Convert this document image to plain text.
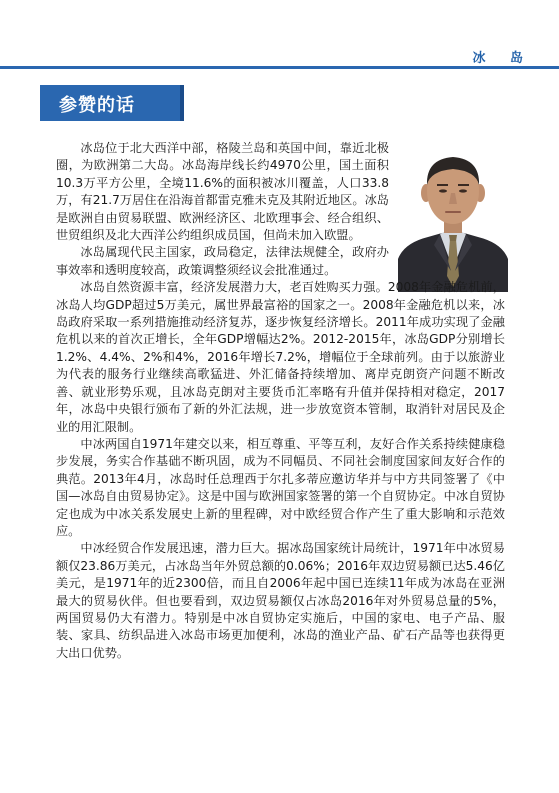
冰 岛
参赞的话

冰岛位于北大西洋中部，格陵兰岛和英国中间，靠近北极圈，为欧洲第二大岛。冰岛海岸线长约4970公里，国土面积10.3万平方公里，全境11.6%的面积被冰川覆盖，人口33.8万，有21.7万居住在沿海首都雷克雅未克及其附近地区。冰岛是欧洲自由贸易联盟、欧洲经济区、北欧理事会、经合组织、世贸组织及北大西洋公约组织成员国，但尚未加入欧盟。

冰岛属现代民主国家，政局稳定，法律法规健全，政府办事效率和透明度较高，政策调整须经议会批准通过。

冰岛自然资源丰富，经济发展潜力大，老百姓购买力强。2008年金融危机前，冰岛人均GDP超过5万美元，属世界最富裕的国家之一。2008年金融危机以来，冰岛政府采取一系列措施推动经济复苏，逐步恢复经济增长。2011年成功实现了金融危机以来的首次正增长，全年GDP增幅达2%。2012-2015年，冰岛GDP分别增长1.2%、4.4%、2%和4%，2016年增长7.2%，增幅位于全球前列。由于以旅游业为代表的服务行业继续高歌猛进、外汇储备持续增加、离岸克朗资产问题不断改善、就业形势乐观，且冰岛克朗对主要货币汇率略有升值并保持相对稳定，2017年，冰岛中央银行颁布了新的外汇法规，进一步放宽资本管制，取消针对居民及企业的用汇限制。

中冰两国自1971年建交以来，相互尊重、平等互利，友好合作关系持续健康稳步发展，务实合作基础不断巩固，成为不同幅员、不同社会制度国家间友好合作的典范。2013年4月，冰岛时任总理西于尔扎多蒂应邀访华并与中方共同签署了《中国—冰岛自由贸易协定》。这是中国与欧洲国家签署的第一个自贸协定。中冰自贸协定也成为中冰关系发展史上新的里程碑，对中欧经贸合作产生了重大影响和示范效应。

中冰经贸合作发展迅速，潜力巨大。据冰岛国家统计局统计，1971年中冰贸易额仅23.86万美元，占冰岛当年外贸总额的0.06%；2016年双边贸易额已达5.46亿美元，是1971年的近2300倍，而且自2006年起中国已连续11年成为冰岛在亚洲最大的贸易伙伴。但也要看到，双边贸易额仅占冰岛2016年对外贸易总量的5%，两国贸易仍大有潜力。特别是中冰自贸协定实施后，中国的家电、电子产品、服装、家具、纺织品进入冰岛市场更加便利，冰岛的渔业产品、矿石产品等也获得更大出口优势。
